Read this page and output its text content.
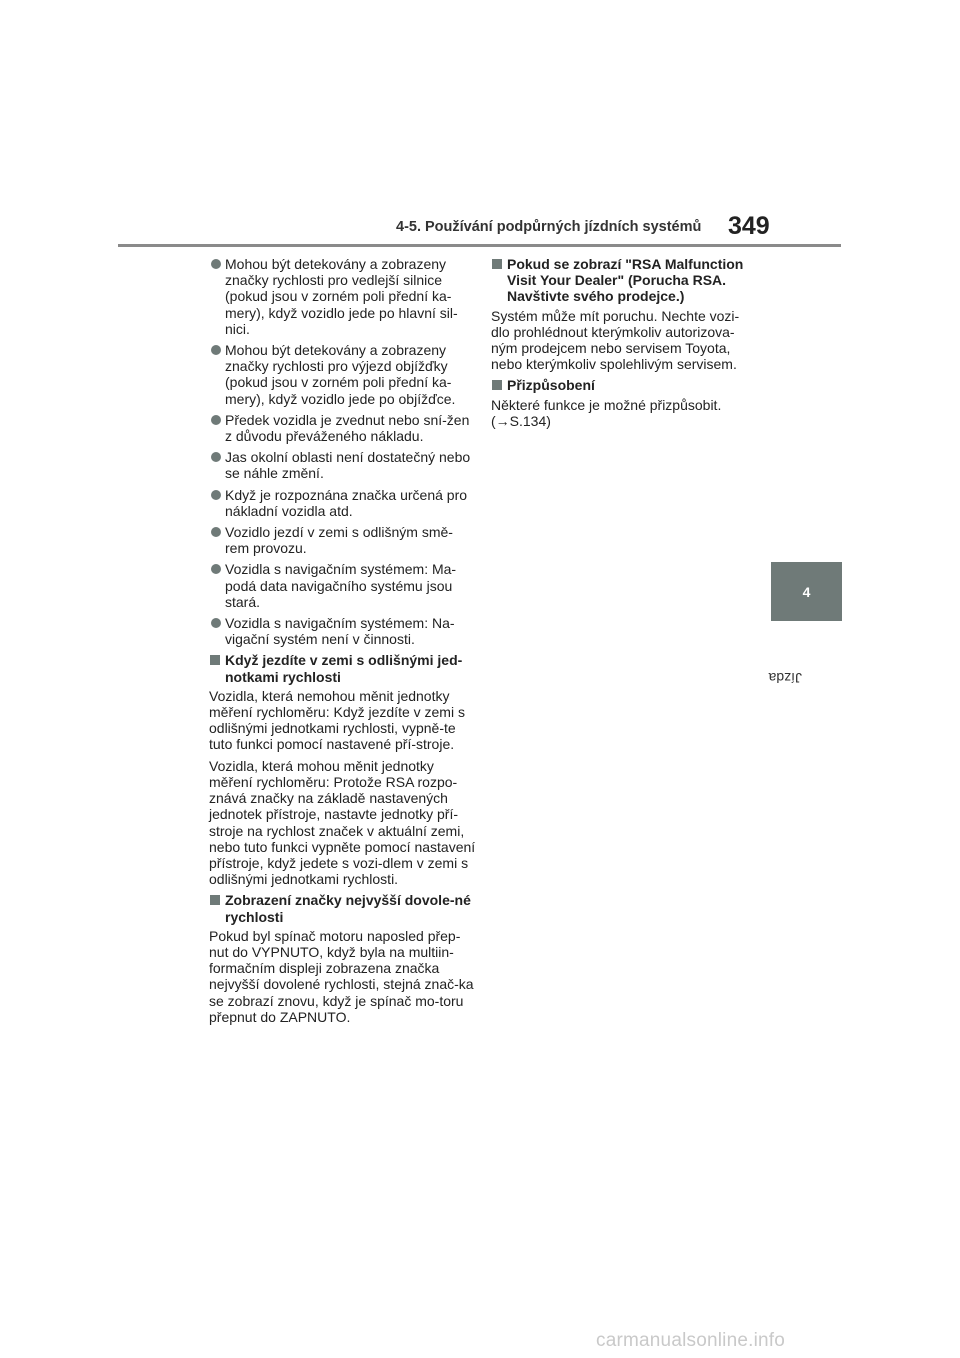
4-5. Používání podpůrných jízdních systémů 349
4
Jízda
Mohou být detekovány a zobrazeny značky rychlosti pro vedlejší silnice (pokud jsou v zorném poli přední ka-mery), když vozidlo jede po hlavní sil-nici.
Mohou být detekovány a zobrazeny značky rychlosti pro výjezd objížďky (pokud jsou v zorném poli přední ka-mery), když vozidlo jede po objížďce.
Předek vozidla je zvednut nebo sní-žen z důvodu převáženého nákladu.
Jas okolní oblasti není dostatečný nebo se náhle změní.
Když je rozpoznána značka určená pro nákladní vozidla atd.
Vozidlo jezdí v zemi s odlišným smě-rem provozu.
Vozidla s navigačním systémem: Ma-podá data navigačního systému jsou stará.
Vozidla s navigačním systémem: Na-vigační systém není v činnosti.
Když jezdíte v zemi s odlišnými jed-notkami rychlosti

Vozidla, která nemohou měnit jednotky měření rychloměru: Když jezdíte v zemi s odlišnými jednotkami rychlosti, vypně-te tuto funkci pomocí nastavené pří-stroje.

Vozidla, která mohou měnit jednotky měření rychloměru: Protože RSA rozpo-znává značky na základě nastavených jednotek přístroje, nastavte jednotky pří-stroje na rychlost značek v aktuální zemi, nebo tuto funkci vypněte pomocí nastavení přístroje, když jedete s vozi-dlem v zemi s odlišnými jednotkami rychlosti.

Zobrazení značky nejvyšší dovole-né rychlosti

Pokud byl spínač motoru naposled přep-nut do VYPNUTO, když byla na multiin-formačním displeji zobrazena značka nejvyšší dovolené rychlosti, stejná znač-ka se zobrazí znovu, když je spínač mo-toru přepnut do ZAPNUTO.

Pokud se zobrazí "RSA Malfunction Visit Your Dealer" (Porucha RSA. Navštivte svého prodejce.)

Systém může mít poruchu. Nechte vozi-dlo prohlédnout kterýmkoliv autorizova-ným prodejcem nebo servisem Toyota, nebo kterýmkoliv spolehlivým servisem.

Přizpůsobení

Některé funkce je možné přizpůsobit. (→S.134)

carmanualsonline.info
